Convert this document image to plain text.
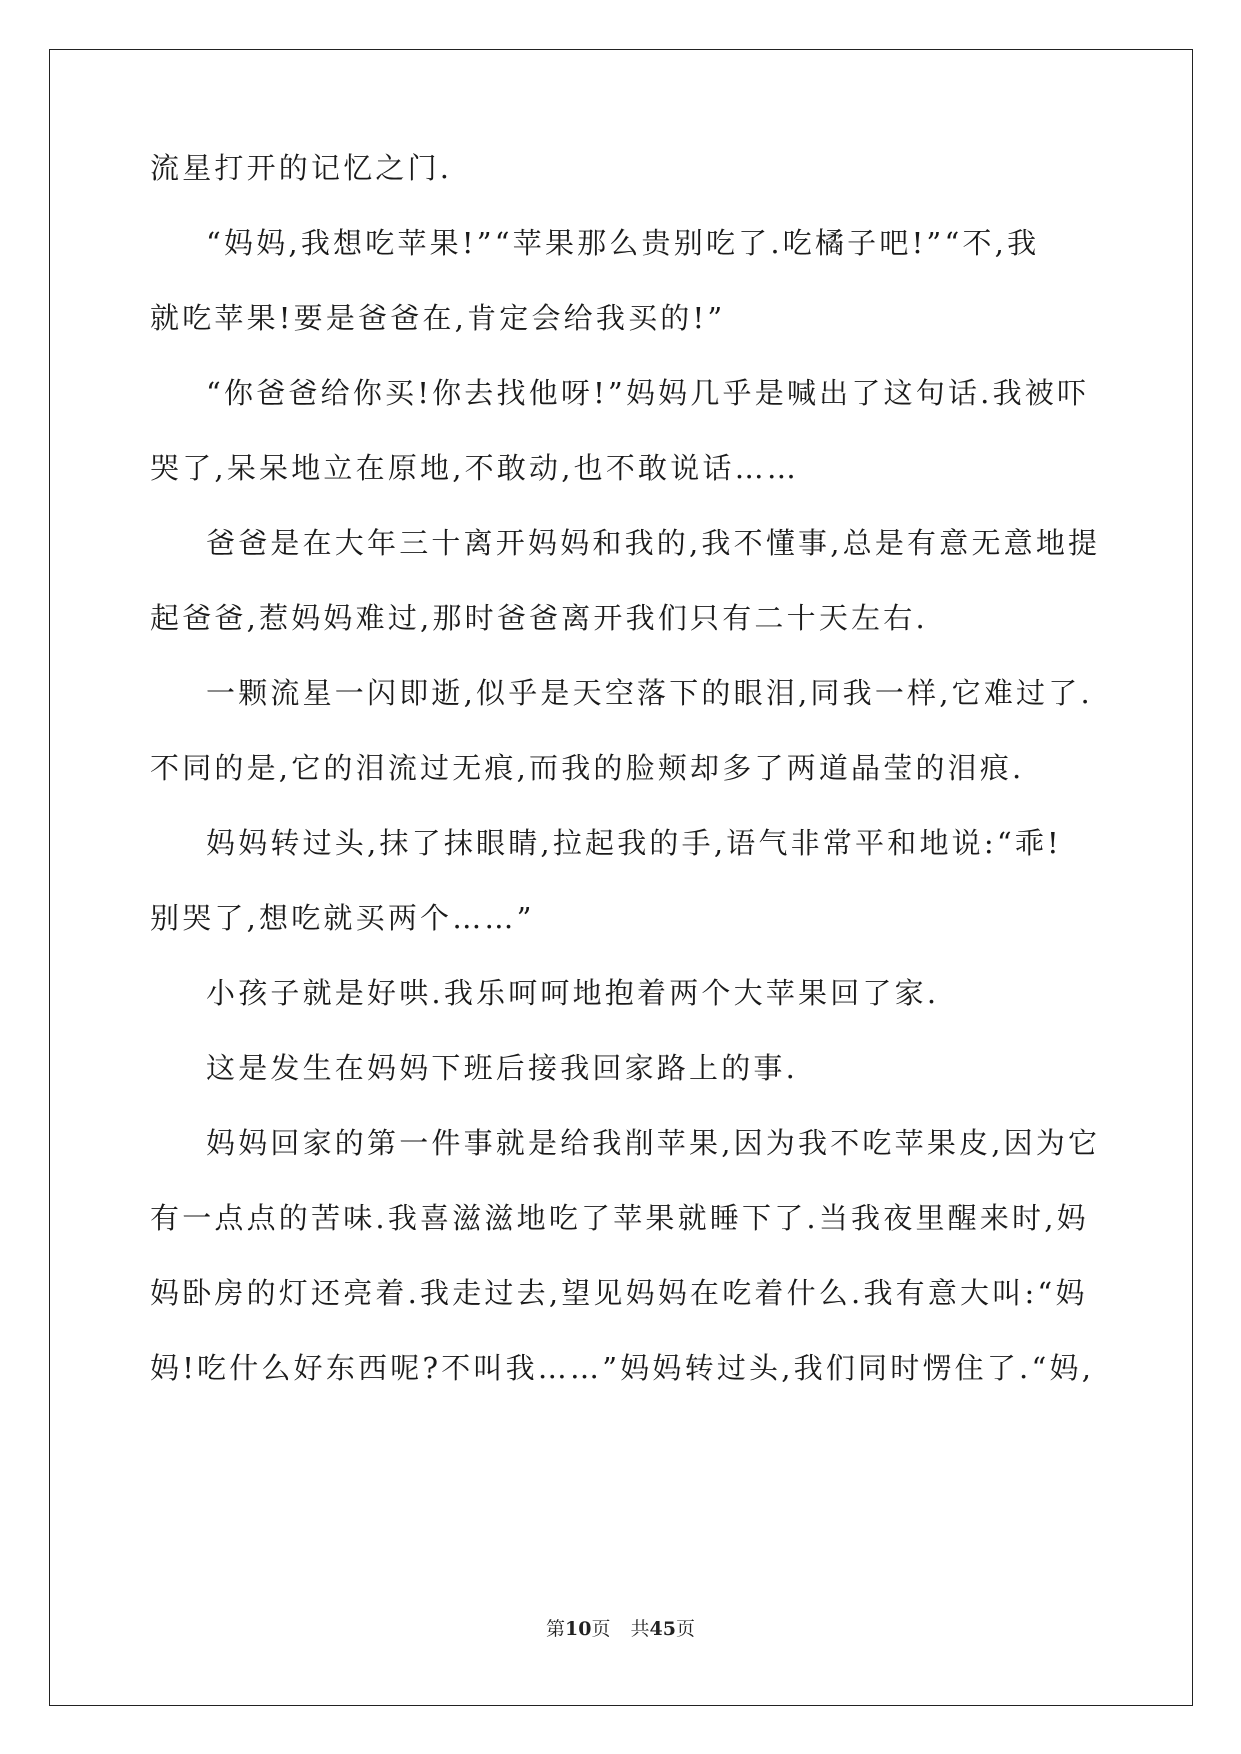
流星打开的记忆之门.
“妈妈,我想吃苹果!”“苹果那么贵别吃了.吃橘子吧!”“不,我
就吃苹果!要是爸爸在,肯定会给我买的!”
“你爸爸给你买!你去找他呀!”妈妈几乎是喊出了这句话.我被吓
哭了,呆呆地立在原地,不敢动,也不敢说话……
爸爸是在大年三十离开妈妈和我的,我不懂事,总是有意无意地提
起爸爸,惹妈妈难过,那时爸爸离开我们只有二十天左右.
一颗流星一闪即逝,似乎是天空落下的眼泪,同我一样,它难过了.
不同的是,它的泪流过无痕,而我的脸颊却多了两道晶莹的泪痕.
妈妈转过头,抹了抹眼睛,拉起我的手,语气非常平和地说:“乖!
别哭了,想吃就买两个……”
小孩子就是好哄.我乐呵呵地抱着两个大苹果回了家.
这是发生在妈妈下班后接我回家路上的事.
妈妈回家的第一件事就是给我削苹果,因为我不吃苹果皮,因为它
有一点点的苦味.我喜滋滋地吃了苹果就睡下了.当我夜里醒来时,妈
妈卧房的灯还亮着.我走过去,望见妈妈在吃着什么.我有意大叫:“妈
妈!吃什么好东西呢?不叫我……”妈妈转过头,我们同时愣住了.“妈,
第10页 共45页
